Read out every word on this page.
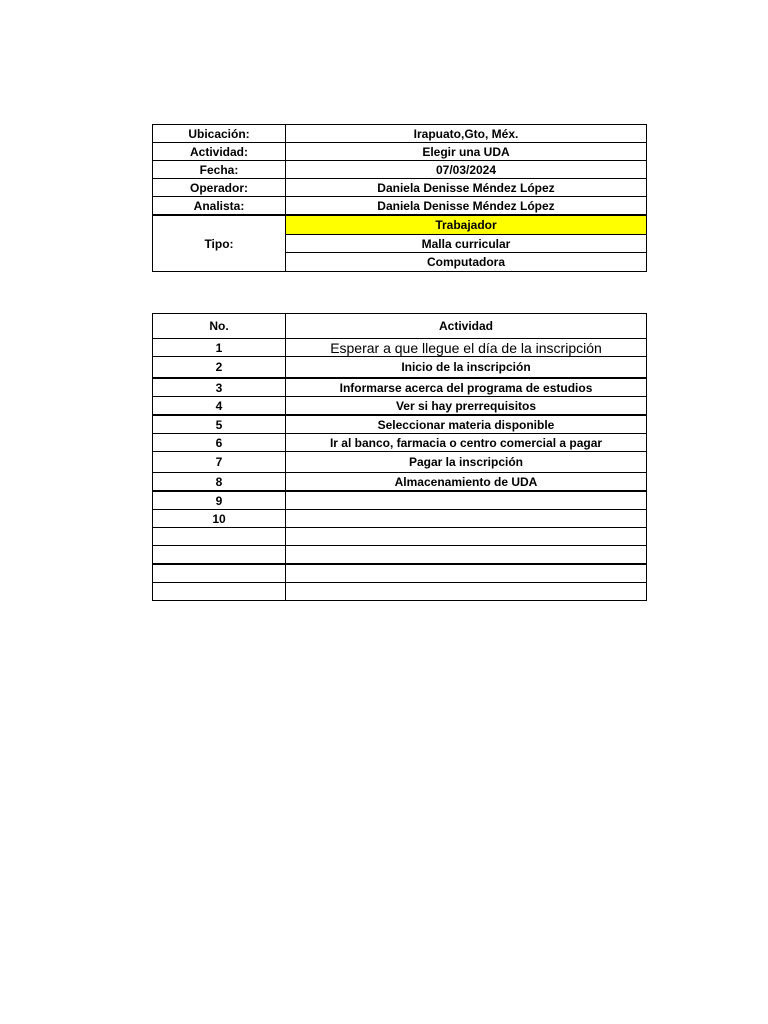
Ubicación:	Irapuato,Gto, Méx.
Actividad:	Elegir una UDA
Fecha:	07/03/2024
Operador:	Daniela Denisse Méndez López
Analista:	Daniela Denisse Méndez López
Tipo:	Trabajador
	Malla curricular
	Computadora
No.	Actividad
1	Esperar a que llegue el día de la inscripción
2	Inicio de la inscripción
3	Informarse acerca del programa de estudios
4	Ver si hay prerrequisitos
5	Seleccionar materia disponible
6	Ir al banco, farmacia o centro comercial a pagar
7	Pagar la inscripción
8	Almacenamiento de UDA
9	
10	
